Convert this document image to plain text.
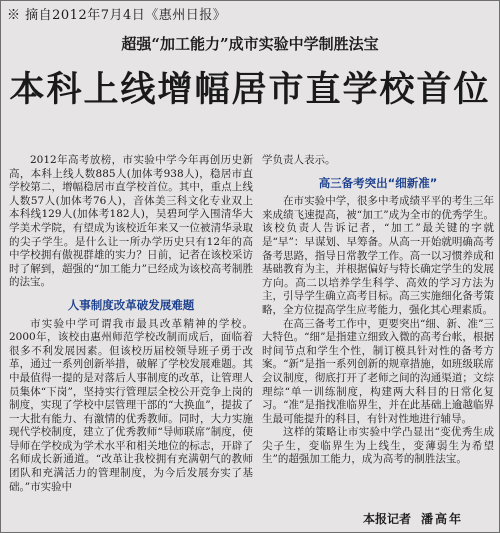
※ 摘自2012年7月4日《惠州日报》
超强“加工能力”成市实验中学制胜法宝
本科上线增幅居市直学校首位

2012年高考放榜，市实验中学今年再创历史新高，本科上线人数885人(加体考938人)，稳居市直学校第二，增幅稳居市直学校首位。其中，重点上线人数57人(加体考76人)，音体美三科文化专业双上本科线129人(加体考182人)，吴碧珂学入围清华大学美术学院，有望成为该校近年来又一位被清华录取的尖子学生。是什么让一所办学历史只有12年的高中学校拥有傲视群雄的实力？日前，记者在该校采访时了解到，超强的“加工能力”已经成为该校高考制胜的法宝。

人事制度改革破发展难题

市实验中学可谓我市最具改革精神的学校。2000年，该校由惠州师范学校改制而成后，面临着很多不利发展因素。但该校历届校领导班子勇于改革，通过一系列创新举措，破解了学校发展难题。其中最值得一提的是对落后人事制度的改革，让管理人员集体“下岗”，坚持实行管理层全校公开竞争上岗的制度，实现了学校中层管理干部的“大换血”，提拔了一大批有能力、有激情的优秀教师。同时，大力实施现代学校制度，建立了优秀教师“导师联席”制度，使导师在学校成为学术水平和相关地位的标志，开辟了名师成长新通道。“改革让我校拥有充满朝气的教师团队和充满活力的管理制度，为今后发展夯实了基础。”市实验中

学负责人表示。

高三备考突出“细新准”

在市实验中学，很多中考成绩平平的考生三年来成绩飞速提高，被“加工”成为全市的优秀学生。该校负责人告诉记者，“加工”最关键的字就是“早”：早谋划、早筹备。从高一开始就明确高考备考思路，指导日常教学工作。高一以习惯养成和基础教育为主，并根据偏好与特长确定学生的发展方向。高二以培养学生科学、高效的学习方法为主，引导学生确立高考目标。高三实施细化备考策略，全方位提高学生应考能力，强化其心理素质。

在高三备考工作中，更要突出“细、新、准”三大特色。“细”是指建立细致入微的高考台帐，根据时间节点和学生个性，制订模具针对性的备考方案。“新”是指一系列创新的规章措施，如班级联席会议制度，彻底打开了老师之间的沟通渠道；文综理综“单一训练制度，构建两大科目的日常化复习。“准”是指找准临界生，并在此基础上逾越临界生最可能提升的科目，有针对性地进行辅导。

这样的策略让市实验中学凸显出“变优秀生成尖子生，变临界生为上线生，变薄弱生为希望生”的超强加工能力，成为高考的制胜法宝。

本报记者 潘高年
